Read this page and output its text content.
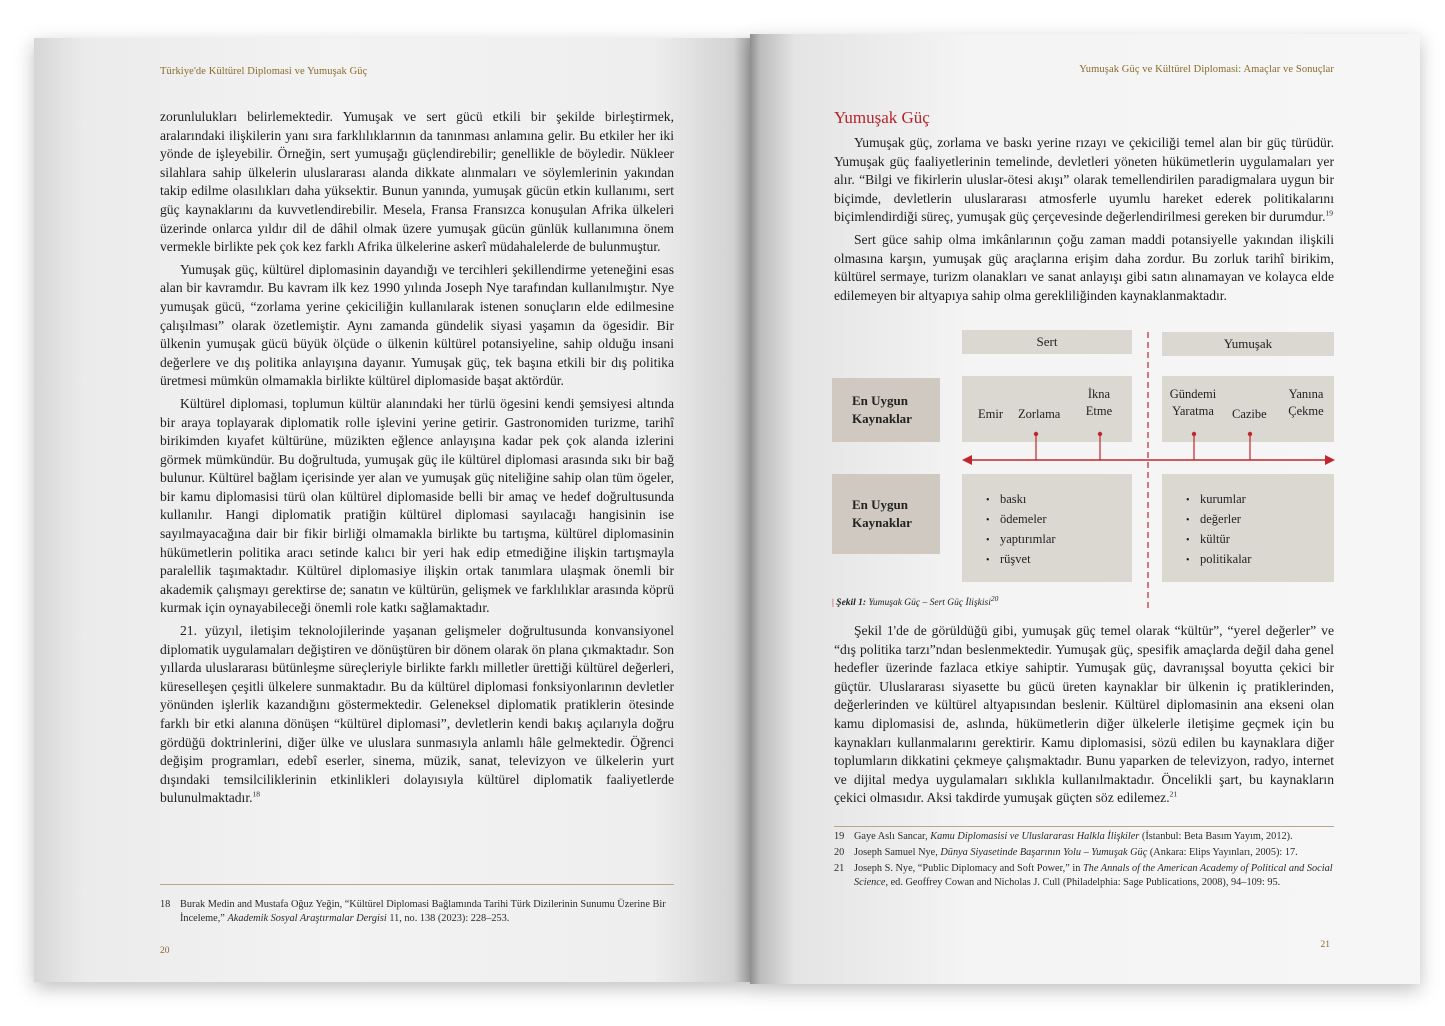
Türkiye'de Kültürel Diplomasi ve Yumuşak Güç

zorunlulukları belirlemektedir. Yumuşak ve sert gücü etkili bir şekilde birleştirmek, aralarındaki ilişkilerin yanı sıra farklılıklarının da tanınması anlamına gelir. Bu etkiler her iki yönde de işleyebilir. Örneğin, sert yumuşağı güçlendirebilir; genellikle de böyledir. Nükleer silahlara sahip ülkelerin uluslararası alanda dikkate alınmaları ve söylemlerinin yakından takip edilme olasılıkları daha yüksektir. Bunun yanında, yumuşak gücün etkin kullanımı, sert güç kaynaklarını da kuvvetlendirebilir. Mesela, Fransa Fransızca konuşulan Afrika ülkeleri üzerinde onlarca yıldır dil de dâhil olmak üzere yumuşak gücün günlük kullanımına önem vermekle birlikte pek çok kez farklı Afrika ülkelerine askerî müdahalelerde de bulunmuştur.

Yumuşak güç, kültürel diplomasinin dayandığı ve tercihleri şekillendirme yeteneğini esas alan bir kavramdır. Bu kavram ilk kez 1990 yılında Joseph Nye tarafından kullanılmıştır. Nye yumuşak gücü, “zorlama yerine çekiciliğin kullanılarak istenen sonuçların elde edilmesine çalışılması” olarak özetlemiştir. Aynı zamanda gündelik siyasi yaşamın da ögesidir. Bir ülkenin yumuşak gücü büyük ölçüde o ülkenin kültürel potansiyeline, sahip olduğu insani değerlere ve dış politika anlayışına dayanır. Yumuşak güç, tek başına etkili bir dış politika üretmesi mümkün olmamakla birlikte kültürel diplomaside başat aktördür.

Kültürel diplomasi, toplumun kültür alanındaki her türlü ögesini kendi şemsiyesi altında bir araya toplayarak diplomatik rolle işlevini yerine getirir. Gastronomiden turizme, tarihî birikimden kıyafet kültürüne, müzikten eğlence anlayışına kadar pek çok alanda izlerini görmek mümkündür. Bu doğrultuda, yumuşak güç ile kültürel diplomasi arasında sıkı bir bağ bulunur. Kültürel bağlam içerisinde yer alan ve yumuşak güç niteliğine sahip olan tüm ögeler, bir kamu diplomasisi türü olan kültürel diplomaside belli bir amaç ve hedef doğrultusunda kullanılır. Hangi diplomatik pratiğin kültürel diplomasi sayılacağı hangisinin ise sayılmayacağına dair bir fikir birliği olmamakla birlikte bu tartışma, kültürel diplomasinin hükümetlerin politika aracı setinde kalıcı bir yeri hak edip etmediğine ilişkin tartışmayla paralellik taşımaktadır. Kültürel diplomasiye ilişkin ortak tanımlara ulaşmak önemli bir akademik çalışmayı gerektirse de; sanatın ve kültürün, gelişmek ve farklılıklar arasında köprü kurmak için oynayabileceği önemli role katkı sağlamaktadır.

21. yüzyıl, iletişim teknolojilerinde yaşanan gelişmeler doğrultusunda konvansiyonel diplomatik uygulamaları değiştiren ve dönüştüren bir dönem olarak ön plana çıkmaktadır. Son yıllarda uluslararası bütünleşme süreçleriyle birlikte farklı milletler ürettiği kültürel değerleri, küreselleşen çeşitli ülkelere sunmaktadır. Bu da kültürel diplomasi fonksiyonlarının devletler yönünden işlerlik kazandığını göstermektedir. Geleneksel diplomatik pratiklerin ötesinde farklı bir etki alanına dönüşen “kültürel diplomasi”, devletlerin kendi bakış açılarıyla doğru gördüğü doktrinlerini, diğer ülke ve uluslara sunmasıyla anlamlı hâle gelmektedir. Öğrenci değişim programları, edebî eserler, sinema, müzik, sanat, televizyon ve ülkelerin yurt dışındaki temsilciliklerinin etkinlikleri dolayısıyla kültürel diplomatik faaliyetlerde bulunulmaktadır.$^{18}$

18 Burak Medin and Mustafa Oğuz Yeğin, “Kültürel Diplomasi Bağlamında Tarihi Türk Dizilerinin Sunumu Üzerine Bir İnceleme,” Akademik Sosyal Araştırmalar Dergisi 11, no. 138 (2023): 228–253.
20
Yumuşak Güç ve Kültürel Diplomasi: Amaçlar ve Sonuçlar
Yumuşak Güç

Yumuşak güç, zorlama ve baskı yerine rızayı ve çekiciliği temel alan bir güç türüdür. Yumuşak güç faaliyetlerinin temelinde, devletleri yöneten hükümetlerin uygulamaları yer alır. “Bilgi ve fikirlerin uluslar-ötesi akışı” olarak temellendirilen paradigmalara uygun bir biçimde, devletlerin uluslararası atmosferle uyumlu hareket ederek politikalarını biçimlendirdiği süreç, yumuşak güç çerçevesinde değerlendirilmesi gereken bir durumdur.$^{19}$

Sert güce sahip olma imkânlarının çoğu zaman maddi potansiyelle yakından ilişkili olmasına karşın, yumuşak güç araçlarına erişim daha zordur. Bu zorluk tarihî birikim, kültürel sermaye, turizm olanakları ve sanat anlayışı gibi satın alınamayan ve kolayca elde edilemeyen bir altyapıya sahip olma gerekliliğinden kaynaklanmaktadır.

Sert	Yumuşak
En Uygun Kaynaklar	Emir Zorlama
İkna Etme
Gündemi Yaratma	Cazibe
Yanına Çekme
En Uygun Kaynaklar
• baskı
• ödemeler
• yaptırımlar
• rüşvet
• kurumlar
• değerler
• kültür
• politikalar
| Şekil 1: Yumuşak Güç – Sert Güç İlişkisi$^{20}$

Şekil 1'de de görüldüğü gibi, yumuşak güç temel olarak “kültür”, “yerel değerler” ve “dış politika tarzı”ndan beslenmektedir. Yumuşak güç, spesifik amaçlarda değil daha genel hedefler üzerinde fazlaca etkiye sahiptir. Yumuşak güç, davranışsal boyutta çekici bir güçtür. Uluslararası siyasette bu gücü üreten kaynaklar bir ülkenin iç pratiklerinden, değerlerinden ve kültürel altyapısından beslenir. Kültürel diplomasinin ana ekseni olan kamu diplomasisi de, aslında, hükümetlerin diğer ülkelerle iletişime geçmek için bu kaynakları kullanmalarını gerektirir. Kamu diplomasisi, sözü edilen bu kaynaklara diğer toplumların dikkatini çekmeye çalışmaktadır. Bunu yaparken de televizyon, radyo, internet ve dijital medya uygulamaları sıklıkla kullanılmaktadır. Öncelikli şart, bu kaynakların çekici olmasıdır. Aksi takdirde yumuşak güçten söz edilemez.$^{21}$

19 Gaye Aslı Sancar, Kamu Diplomasisi ve Uluslararası Halkla İlişkiler (İstanbul: Beta Basım Yayım, 2012).
20 Joseph Samuel Nye, Dünya Siyasetinde Başarının Yolu – Yumuşak Güç (Ankara: Elips Yayınları, 2005): 17.
21 Joseph S. Nye, “Public Diplomacy and Soft Power,” in The Annals of the American Academy of Political and Social Science, ed. Geoffrey Cowan and Nicholas J. Cull (Philadelphia: Sage Publications, 2008), 94–109: 95.
21
